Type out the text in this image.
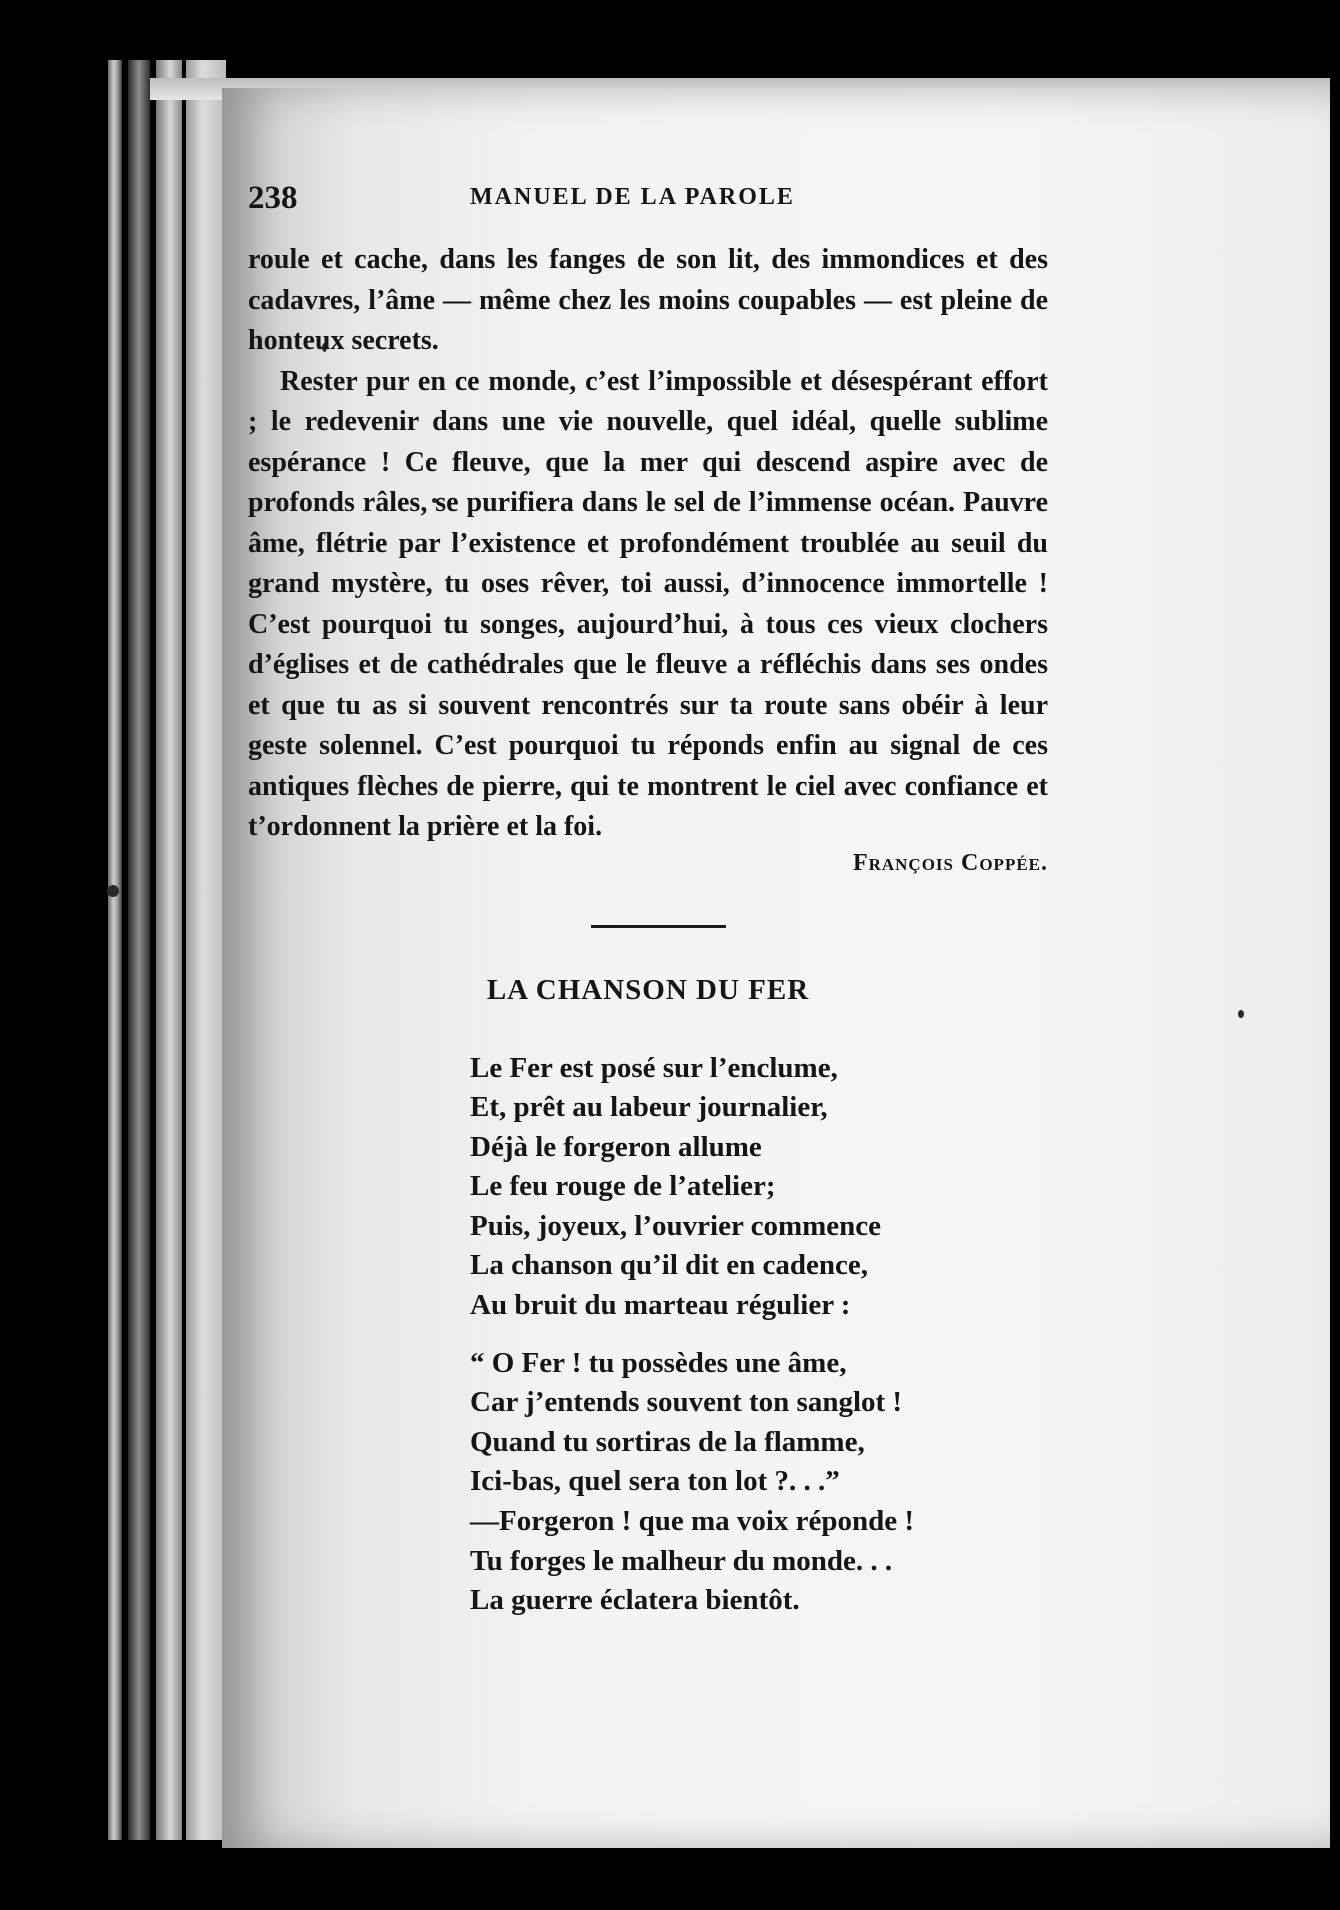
238	MANUEL DE LA PAROLE

roule et cache, dans les fanges de son lit, des immondices et des cadavres, l’âme — même chez les moins coupables — est pleine de honteux secrets.

Rester pur en ce monde, c’est l’impossible et désespérant effort ; le redevenir dans une vie nouvelle, quel idéal, quelle sublime espérance ! Ce fleuve, que la mer qui descend aspire avec de profonds râles, se purifiera dans le sel de l’immense océan. Pauvre âme, flétrie par l’existence et profondément troublée au seuil du grand mystère, tu oses rêver, toi aussi, d’innocence immortelle ! C’est pourquoi tu songes, aujourd’hui, à tous ces vieux clochers d’églises et de cathédrales que le fleuve a réfléchis dans ses ondes et que tu as si souvent rencontrés sur ta route sans obéir à leur geste solennel. C’est pourquoi tu réponds enfin au signal de ces antiques flèches de pierre, qui te montrent le ciel avec confiance et t’ordonnent la prière et la foi.

François Coppée.
LA CHANSON DU FER
Le Fer est posé sur l’enclume,
Et, prêt au labeur journalier,
Déjà le forgeron allume
Le feu rouge de l’atelier;
Puis, joyeux, l’ouvrier commence
La chanson qu’il dit en cadence,
Au bruit du marteau régulier :
“ O Fer ! tu possèdes une âme,
Car j’entends souvent ton sanglot !
Quand tu sortiras de la flamme,
Ici-bas, quel sera ton lot ?. . .”
—Forgeron ! que ma voix réponde !
Tu forges le malheur du monde. . .
La guerre éclatera bientôt.
